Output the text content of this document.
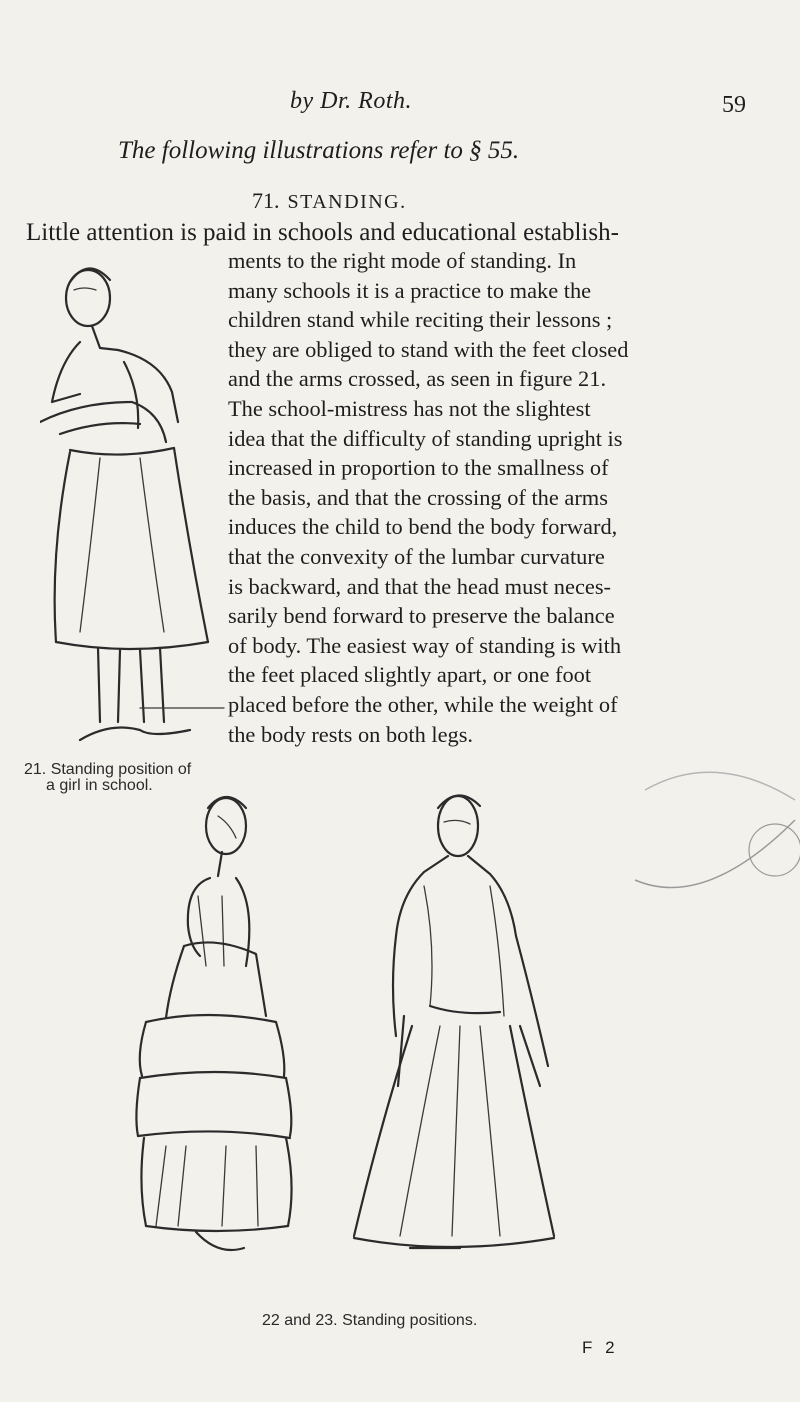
by Dr. Roth.	59
The following illustrations refer to § 55.
71. STANDING.
Little attention is paid in schools and educational establish-
ments to the right mode of standing. In
many schools it is a practice to make the
children stand while reciting their lessons ;
they are obliged to stand with the feet closed
and the arms crossed, as seen in figure 21.
The school-mistress has not the slightest
idea that the difficulty of standing upright is
increased in proportion to the smallness of
the basis, and that the crossing of the arms
induces the child to bend the body forward,
that the convexity of the lumbar curvature
is backward, and that the head must neces-
sarily bend forward to preserve the balance
of body. The easiest way of standing is with
the feet placed slightly apart, or one foot
placed before the other, while the weight of
the body rests on both legs.
21. Standing position of
a girl in school.
22 and 23. Standing positions.
F 2
